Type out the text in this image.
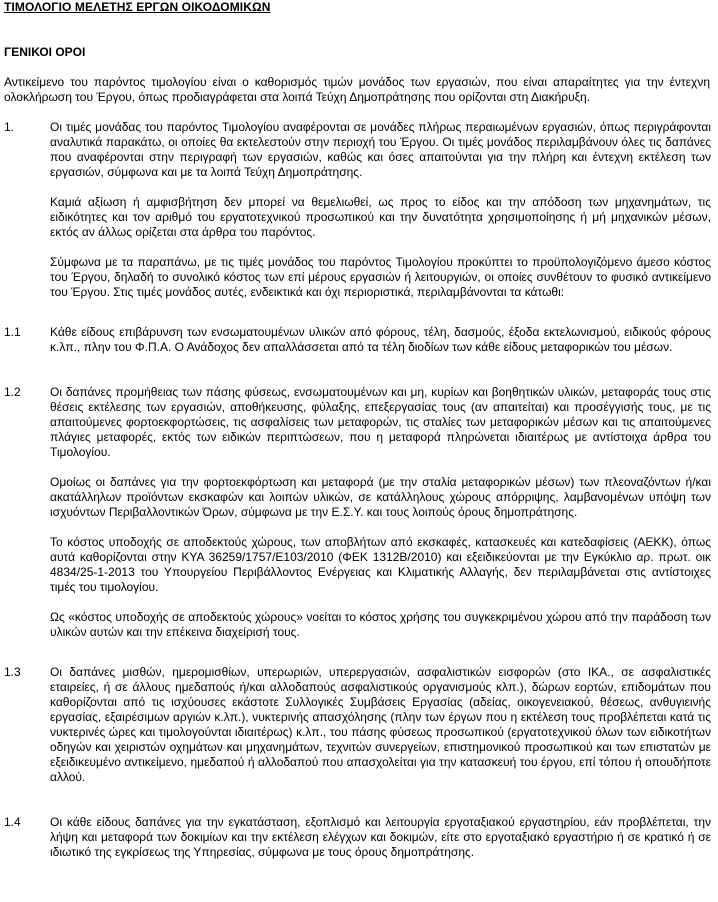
ΤΙΜΟΛΟΓΙΟ ΜΕΛΕΤΗΣ ΕΡΓΩΝ ΟΙΚΟΔΟΜΙΚΩΝ
ΓΕΝΙΚΟΙ ΟΡΟΙ
Αντικείμενο του παρόντος τιμολογίου είναι ο καθορισμός τιμών μονάδος των εργασιών, που είναι απαραίτητες για την έντεχνη ολοκλήρωση του Έργου, όπως προδιαγράφεται στα λοιπά Τεύχη Δημοπράτησης που ορίζονται στη Διακήρυξη.
1.	Οι τιμές μονάδας του παρόντος Τιμολογίου αναφέρονται σε μονάδες πλήρως περαιωμένων εργασιών, όπως περιγράφονται αναλυτικά παρακάτω, οι οποίες θα εκτελεστούν στην περιοχή του Έργου. Οι τιμές μονάδος περιλαμβάνουν όλες τις δαπάνες που αναφέρονται στην περιγραφή των εργασιών, καθώς και όσες απαιτούνται για την πλήρη και έντεχνη εκτέλεση των εργασιών, σύμφωνα και με τα λοιπά Τεύχη Δημοπράτησης.

Καμιά αξίωση ή αμφισβήτηση δεν μπορεί να θεμελιωθεί, ως προς το είδος και την απόδοση των μηχανημάτων, τις ειδικότητες και τον αριθμό του εργατοτεχνικού προσωπικού και την δυνατότητα χρησιμοποίησης ή μή μηχανικών μέσων, εκτός αν άλλως ορίζεται στα άρθρα του παρόντος.

Σύμφωνα με τα παραπάνω, με τις τιμές μονάδος του παρόντος Τιμολογίου προκύπτει το προϋπολογιζόμενο άμεσο κόστος του Έργου, δηλαδή το συνολικό κόστος των επί μέρους εργασιών ή λειτουργιών, οι οποίες συνθέτουν το φυσικό αντικείμενο του Έργου. Στις τιμές μονάδος αυτές, ενδεικτικά και όχι περιοριστικά, περιλαμβάνονται τα κάτωθι:

1.1	Κάθε είδους επιβάρυνση των ενσωματουμένων υλικών από φόρους, τέλη, δασμούς, έξοδα εκτελωνισμού, ειδικούς φόρους κ.λπ., πλην του Φ.Π.Α. Ο Ανάδοχος δεν απαλλάσσεται από τα τέλη διοδίων των κάθε είδους μεταφορικών του μέσων.

1.2	Οι δαπάνες προμήθειας των πάσης φύσεως, ενσωματουμένων και μη, κυρίων και βοηθητικών υλικών, μεταφοράς τους στις θέσεις εκτέλεσης των εργασιών, αποθήκευσης, φύλαξης, επεξεργασίας τους (αν απαιτείται) και προσέγγισής τους, με τις απαιτούμενες φορτοεκφορτώσεις, τις ασφαλίσεις των μεταφορών, τις σταλίες των μεταφορικών μέσων και τις απαιτούμενες πλάγιες μεταφορές, εκτός των ειδικών περιπτώσεων, που η μεταφορά πληρώνεται ιδιαιτέρως με αντίστοιχα άρθρα του Τιμολογίου.

Ομοίως οι δαπάνες για την φορτοεκφόρτωση και μεταφορά (με την σταλία μεταφορικών μέσων) των πλεοναζόντων ή/και ακατάλληλων προϊόντων εκσκαφών και λοιπών υλικών, σε κατάλληλους χώρους απόρριψης, λαμβανομένων υπόψη των ισχυόντων Περιβαλλοντικών Όρων, σύμφωνα με την Ε.Σ.Υ. και τους λοιπούς όρους δημοπράτησης.

Το κόστος υποδοχής σε αποδεκτούς χώρους, των αποβλήτων από εκσκαφές, κατασκευές και κατεδαφίσεις (ΑΕΚΚ), όπως αυτά καθορίζονται στην ΚΥΑ 36259/1757/Ε103/2010 (ΦΕΚ 1312Β/2010) και εξειδικεύονται με την Εγκύκλιο αρ. πρωτ. οικ 4834/25-1-2013 του Υπουργείου Περιβάλλοντος Ενέργειας και Κλιματικής Αλλαγής, δεν περιλαμβάνεται στις αντίστοιχες τιμές του τιμολογίου.

Ως «κόστος υποδοχής σε αποδεκτούς χώρους» νοείται το κόστος χρήσης του συγκεκριμένου χώρου από την παράδοση των υλικών αυτών και την επέκεινα διαχείρισή τους.

1.3	Οι δαπάνες μισθών, ημερομισθίων, υπερωριών, υπερεργασιών, ασφαλιστικών εισφορών (στο ΙΚΑ., σε ασφαλιστικές εταιρείες, ή σε άλλους ημεδαπούς ή/και αλλοδαπούς ασφαλιστικούς οργανισμούς κλπ.), δώρων εορτών, επιδομάτων που καθορίζονται από τις ισχύουσες εκάστοτε Συλλογικές Συμβάσεις Εργασίας (αδείας, οικογενειακού, θέσεως, ανθυγιεινής εργασίας, εξαιρέσιμων αργιών κ.λπ.), νυκτερινής απασχόλησης (πλην των έργων που η εκτέλεση τους προβλέπεται κατά τις νυκτερινές ώρες και τιμολογούνται ιδιαιτέρως) κ.λπ., του πάσης φύσεως προσωπικού (εργατοτεχνικού όλων των ειδικοτήτων οδηγών και χειριστών οχημάτων και μηχανημάτων, τεχνιτών συνεργείων, επιστημονικού προσωπικού και των επιστατών με εξειδικευμένο αντικείμενο, ημεδαπού ή αλλοδαπού που απασχολείται για την κατασκευή του έργου, επί τόπου ή οπουδήποτε αλλού.

1.4	Οι κάθε είδους δαπάνες για την εγκατάσταση, εξοπλισμό και λειτουργία εργοταξιακού εργαστηρίου, εάν προβλέπεται, την λήψη και μεταφορά των δοκιμίων και την εκτέλεση ελέγχων και δοκιμών, είτε στο εργοταξιακό εργαστήριο ή σε κρατικό ή σε ιδιωτικό της εγκρίσεως της Υπηρεσίας, σύμφωνα με τους όρους δημοπράτησης.
